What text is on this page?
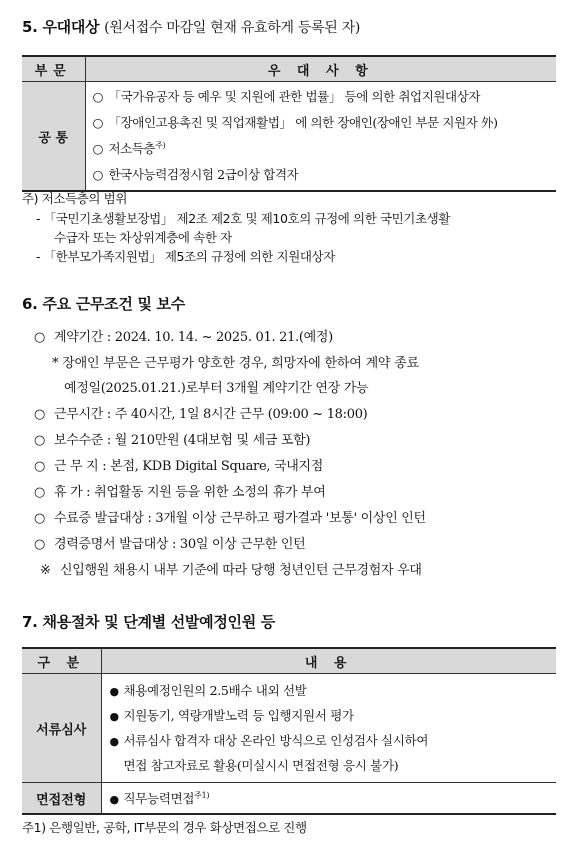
5. 우대대상 (원서접수 마감일 현재 유효하게 등록된 자)
부문	우 대 사 항
공 통	○ 「국가유공자 등 예우 및 지원에 관한 법률」 등에 의한 취업지원대상자
○ 「장애인고용촉진 및 직업재활법」 에 의한 장애인(장애인 부문 지원자 外)
○ 저소득층$^{주)}$
○ 한국사능력검정시험 2급이상 합격자
주) 저소득층의 범위
- 「국민기초생활보장법」 제2조 제2호 및 제10호의 규정에 의한 국민기초생활
수급자 또는 차상위계층에 속한 자
- 「한부모가족지원법」 제5조의 규정에 의한 지원대상자
6. 주요 근무조건 및 보수
○ 계약기간 : 2024. 10. 14. ~ 2025. 01. 21.(예정)
* 장애인 부문은 근무평가 양호한 경우, 희망자에 한하여 계약 종료
예정일(2025.01.21.)로부터 3개월 계약기간 연장 가능
○ 근무시간 : 주 40시간, 1일 8시간 근무 (09:00 ~ 18:00)
○ 보수수준 : 월 210만원 (4대보험 및 세금 포함)
○ 근 무 지 : 본점, KDB Digital Square, 국내지점
○ 휴 가 : 취업활동 지원 등을 위한 소정의 휴가 부여
○ 수료증 발급대상 : 3개월 이상 근무하고 평가결과 '보통' 이상인 인턴
○ 경력증명서 발급대상 : 30일 이상 근무한 인턴
※ 신입행원 채용시 내부 기준에 따라 당행 청년인턴 근무경험자 우대
7. 채용절차 및 단계별 선발예정인원 등
구 분	내 용
서류심사	● 채용예정인원의 2.5배수 내외 선발
● 지원동기, 역량개발노력 등 입행지원서 평가
● 서류심사 합격자 대상 온라인 방식으로 인성검사 실시하여
면접 참고자료로 활용(미실시시 면접전형 응시 불가)

면접전형	● 직무능력면접$^{주1)}$
주1) 은행일반, 공학, IT부문의 경우 화상면접으로 진행
